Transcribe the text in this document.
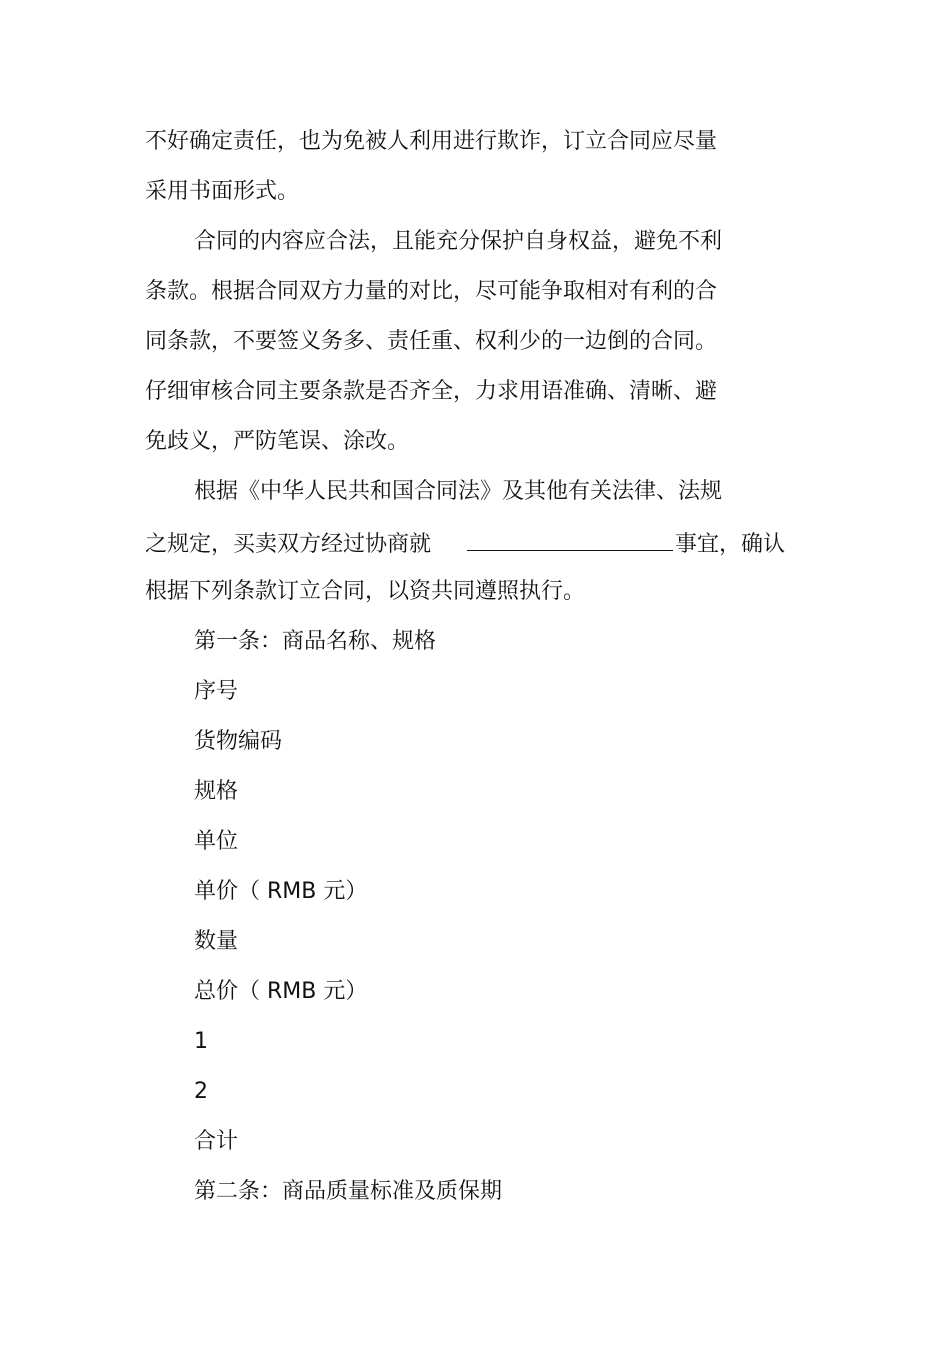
不好确定责任，也为免被人利用进行欺诈，订立合同应尽量
采用书面形式。
合同的内容应合法，且能充分保护自身权益，避免不利
条款。根据合同双方力量的对比，尽可能争取相对有利的合
同条款，不要签义务多、责任重、权利少的一边倒的合同。
仔细审核合同主要条款是否齐全，力求用语准确、清晰、避
免歧义，严防笔误、涂改。
根据《中华人民共和国合同法》及其他有关法律、法规
之规定，买卖双方经过协商就	事宜，确认
根据下列条款订立合同，以资共同遵照执行。
第一条：商品名称、规格
序号
货物编码
规格
单位
单价（ RMB 元）
数量
总价（ RMB 元）
1
2
合计
第二条：商品质量标准及质保期
